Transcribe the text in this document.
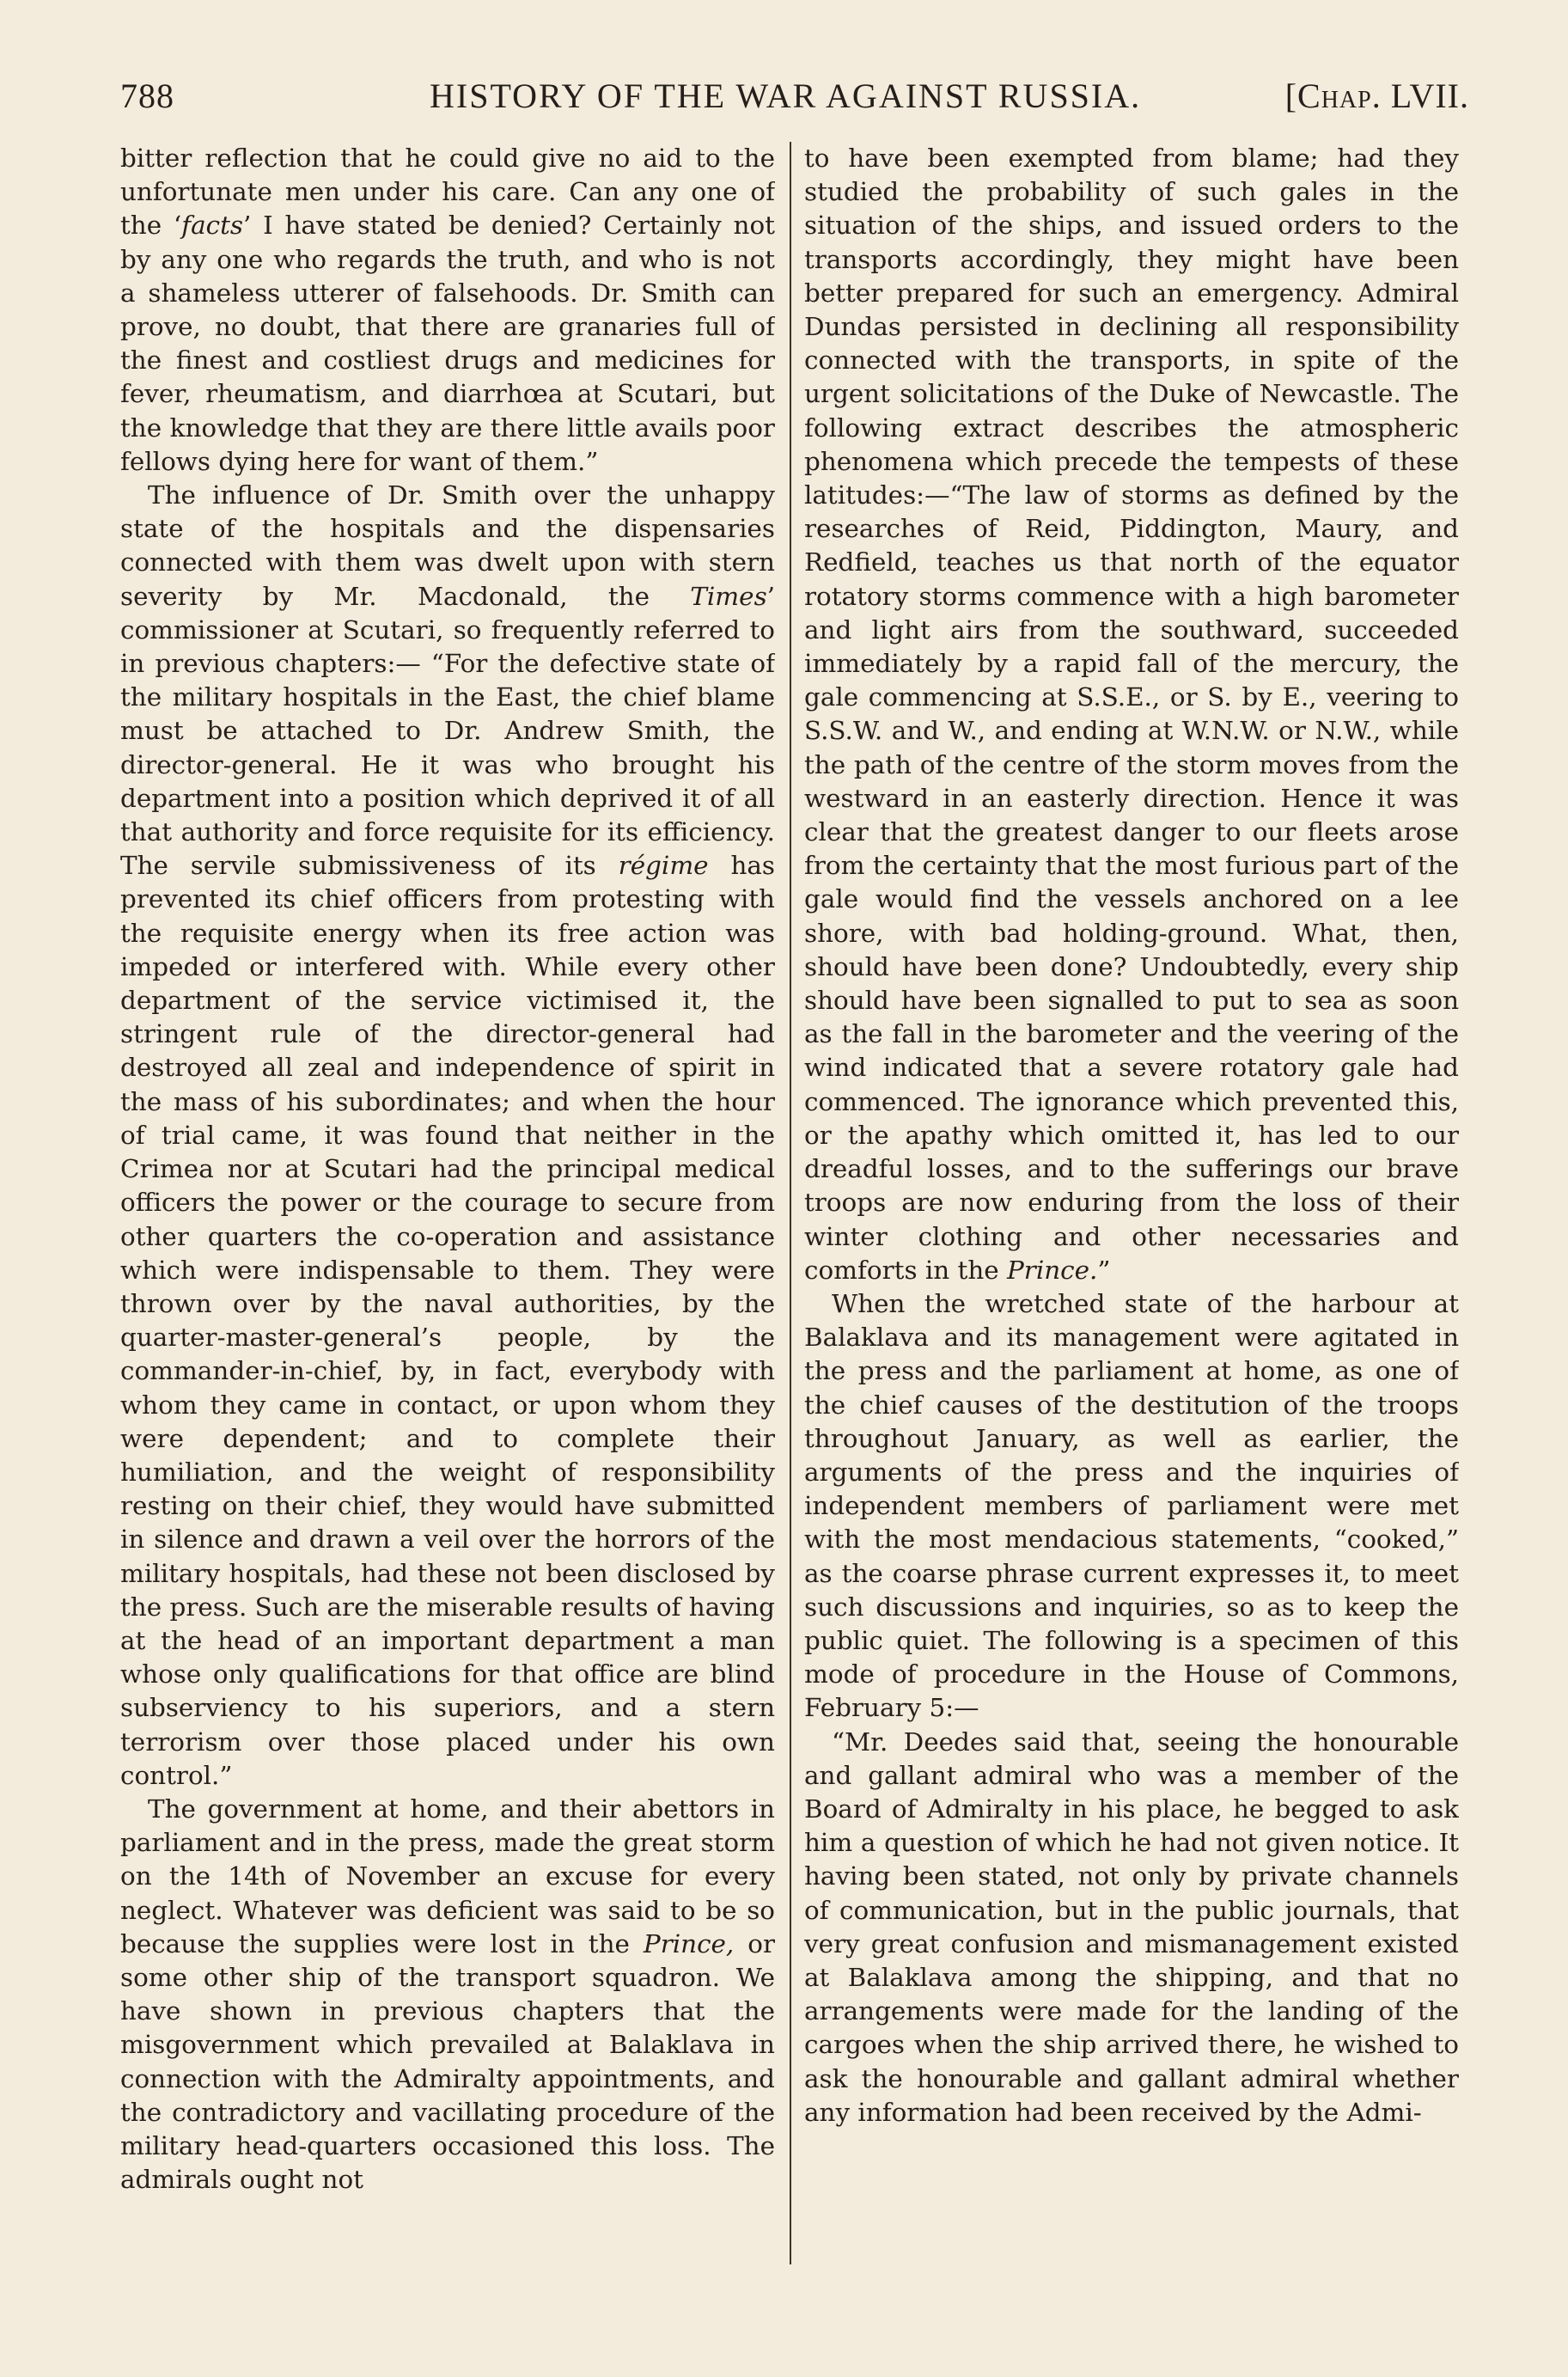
788	HISTORY OF THE WAR AGAINST RUSSIA.	[Chap. LVII.

bitter reflection that he could give no aid to the unfortunate men under his care. Can any one of the ‘facts’ I have stated be denied? Certainly not by any one who regards the truth, and who is not a shameless utterer of falsehoods. Dr. Smith can prove, no doubt, that there are granaries full of the finest and costliest drugs and medicines for fever, rheumatism, and diarrhœa at Scutari, but the knowledge that they are there little avails poor fellows dying here for want of them.”

The influence of Dr. Smith over the unhappy state of the hospitals and the dispensaries connected with them was dwelt upon with stern severity by Mr. Macdonald, the Times’ commissioner at Scutari, so frequently referred to in previous chapters:— “For the defective state of the military hospitals in the East, the chief blame must be attached to Dr. Andrew Smith, the director-general. He it was who brought his department into a position which deprived it of all that authority and force requisite for its efficiency. The servile submissiveness of its régime has prevented its chief officers from protesting with the requisite energy when its free action was impeded or interfered with. While every other department of the service victimised it, the stringent rule of the director-general had destroyed all zeal and independence of spirit in the mass of his subordinates; and when the hour of trial came, it was found that neither in the Crimea nor at Scutari had the principal medical officers the power or the courage to secure from other quarters the co-operation and assistance which were indispensable to them. They were thrown over by the naval authorities, by the quarter-master-general’s people, by the commander-in-chief, by, in fact, everybody with whom they came in contact, or upon whom they were dependent; and to complete their humiliation, and the weight of responsibility resting on their chief, they would have submitted in silence and drawn a veil over the horrors of the military hospitals, had these not been disclosed by the press. Such are the miserable results of having at the head of an important department a man whose only qualifications for that office are blind subserviency to his superiors, and a stern terrorism over those placed under his own control.”

The government at home, and their abettors in parliament and in the press, made the great storm on the 14th of November an excuse for every neglect. Whatever was deficient was said to be so because the supplies were lost in the Prince, or some other ship of the transport squadron. We have shown in previous chapters that the misgovernment which prevailed at Balaklava in connection with the Admiralty appointments, and the contradictory and vacillating procedure of the military head-quarters occasioned this loss. The admirals ought not

to have been exempted from blame; had they studied the probability of such gales in the situation of the ships, and issued orders to the transports accordingly, they might have been better prepared for such an emergency. Admiral Dundas persisted in declining all responsibility connected with the transports, in spite of the urgent solicitations of the Duke of Newcastle. The following extract describes the atmospheric phenomena which precede the tempests of these latitudes:—“The law of storms as defined by the researches of Reid, Piddington, Maury, and Redfield, teaches us that north of the equator rotatory storms commence with a high barometer and light airs from the southward, succeeded immediately by a rapid fall of the mercury, the gale commencing at S.S.E., or S. by E., veering to S.S.W. and W., and ending at W.N.W. or N.W., while the path of the centre of the storm moves from the westward in an easterly direction. Hence it was clear that the greatest danger to our fleets arose from the certainty that the most furious part of the gale would find the vessels anchored on a lee shore, with bad holding-ground. What, then, should have been done? Undoubtedly, every ship should have been signalled to put to sea as soon as the fall in the barometer and the veering of the wind indicated that a severe rotatory gale had commenced. The ignorance which prevented this, or the apathy which omitted it, has led to our dreadful losses, and to the sufferings our brave troops are now enduring from the loss of their winter clothing and other necessaries and comforts in the Prince.”

When the wretched state of the harbour at Balaklava and its management were agitated in the press and the parliament at home, as one of the chief causes of the destitution of the troops throughout January, as well as earlier, the arguments of the press and the inquiries of independent members of parliament were met with the most mendacious statements, “cooked,” as the coarse phrase current expresses it, to meet such discussions and inquiries, so as to keep the public quiet. The following is a specimen of this mode of procedure in the House of Commons, February 5:—

“Mr. Deedes said that, seeing the honourable and gallant admiral who was a member of the Board of Admiralty in his place, he begged to ask him a question of which he had not given notice. It having been stated, not only by private channels of communication, but in the public journals, that very great confusion and mismanagement existed at Balaklava among the shipping, and that no arrangements were made for the landing of the cargoes when the ship arrived there, he wished to ask the honourable and gallant admiral whether any information had been received by the Admi-
